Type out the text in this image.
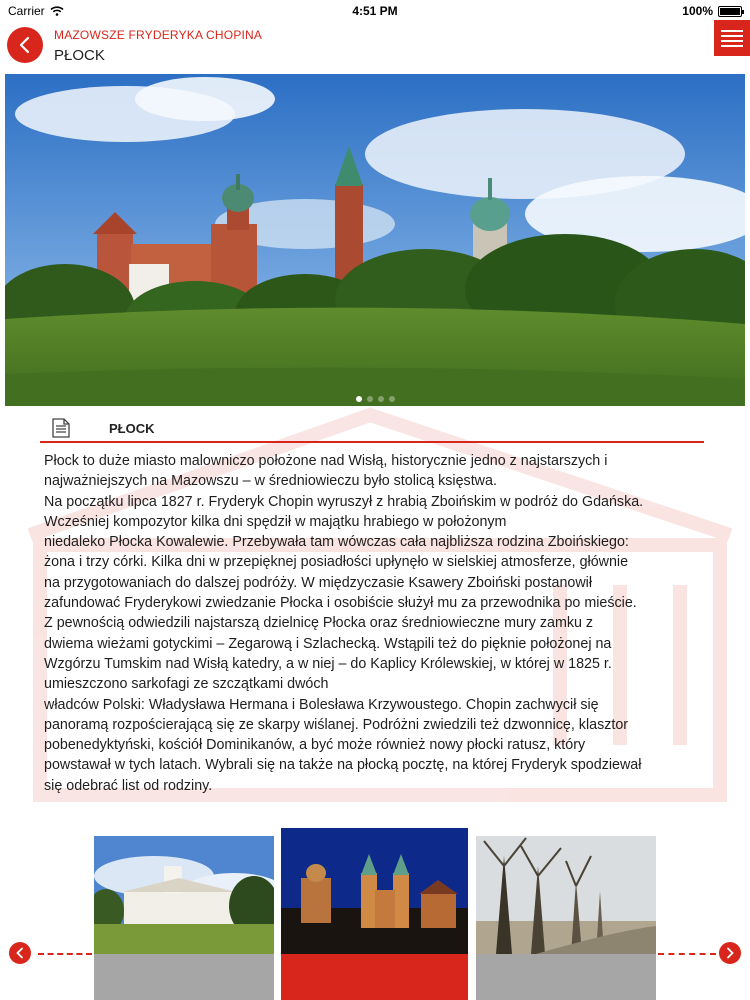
Carrier	4:51 PM	100%
MAZOWSZE FRYDERYKA CHOPINA
PŁOCK
PŁOCK

Płock to duże miasto malowniczo położone nad Wisłą, historycznie jedno z najstarszych i

najważniejszych na Mazowszu – w średniowieczu było stolicą księstwa.

Na początku lipca 1827 r. Fryderyk Chopin wyruszył z hrabią Zboińskim w podróż do Gdańska.

Wcześniej kompozytor kilka dni spędził w majątku hrabiego w położonym

niedaleko Płocka Kowalewie. Przebywała tam wówczas cała najbliższa rodzina Zboińskiego:

żona i trzy córki. Kilka dni w przepięknej posiadłości upłynęło w sielskiej atmosferze, głównie

na przygotowaniach do dalszej podróży. W międzyczasie Ksawery Zboiński postanowił

zafundować Fryderykowi zwiedzanie Płocka i osobiście służył mu za przewodnika po mieście.

Z pewnością odwiedzili najstarszą dzielnicę Płocka oraz średniowieczne mury zamku z

dwiema wieżami gotyckimi – Zegarową i Szlachecką. Wstąpili też do pięknie położonej na

Wzgórzu Tumskim nad Wisłą katedry, a w niej – do Kaplicy Królewskiej, w której w 1825 r.

umieszczono sarkofagi ze szczątkami dwóch

władców Polski: Władysława Hermana i Bolesława Krzywoustego. Chopin zachwycił się

panoramą rozpościerającą się ze skarpy wiślanej. Podróżni zwiedzili też dzwonnicę, klasztor

pobenedyktyński, kościół Dominikanów, a być może również nowy płocki ratusz, który

powstawał w tych latach. Wybrali się na także na płocką pocztę, na której Fryderyk spodziewał

się odebrać list od rodziny.
